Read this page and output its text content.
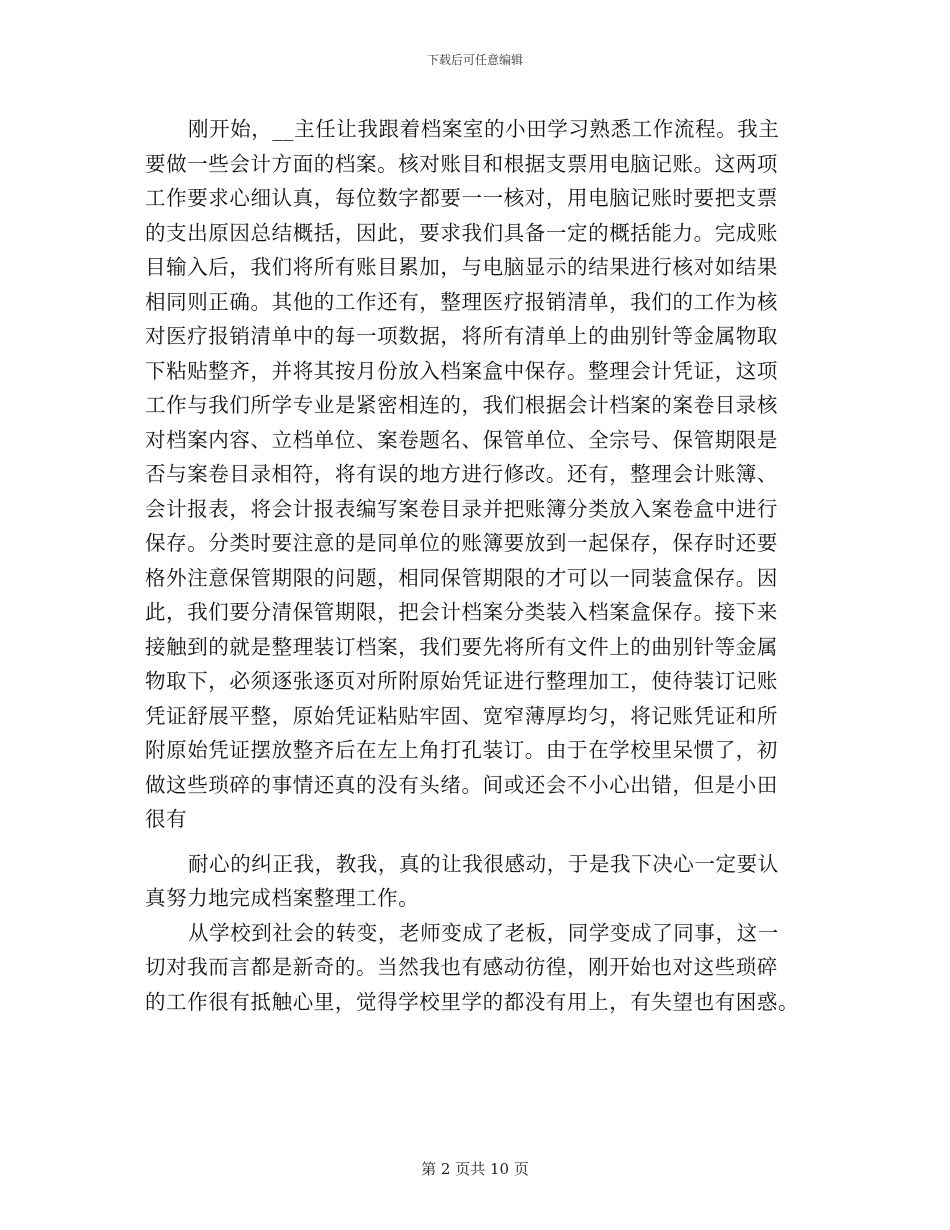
下载后可任意编辑
刚开始，__主任让我跟着档案室的小田学习熟悉工作流程。我主
要做一些会计方面的档案。核对账目和根据支票用电脑记账。这两项
工作要求心细认真，每位数字都要一一核对，用电脑记账时要把支票
的支出原因总结概括，因此，要求我们具备一定的概括能力。完成账
目输入后，我们将所有账目累加，与电脑显示的结果进行核对如结果
相同则正确。其他的工作还有，整理医疗报销清单，我们的工作为核
对医疗报销清单中的每一项数据，将所有清单上的曲别针等金属物取
下粘贴整齐，并将其按月份放入档案盒中保存。整理会计凭证，这项
工作与我们所学专业是紧密相连的，我们根据会计档案的案卷目录核
对档案内容、立档单位、案卷题名、保管单位、全宗号、保管期限是
否与案卷目录相符，将有误的地方进行修改。还有，整理会计账簿、
会计报表，将会计报表编写案卷目录并把账簿分类放入案卷盒中进行
保存。分类时要注意的是同单位的账簿要放到一起保存，保存时还要
格外注意保管期限的问题，相同保管期限的才可以一同装盒保存。因
此，我们要分清保管期限，把会计档案分类装入档案盒保存。接下来
接触到的就是整理装订档案，我们要先将所有文件上的曲别针等金属
物取下，必须逐张逐页对所附原始凭证进行整理加工，使待装订记账
凭证舒展平整，原始凭证粘贴牢固、宽窄薄厚均匀，将记账凭证和所
附原始凭证摆放整齐后在左上角打孔装订。由于在学校里呆惯了，初
做这些琐碎的事情还真的没有头绪。间或还会不小心出错，但是小田
很有
耐心的纠正我，教我，真的让我很感动，于是我下决心一定要认
真努力地完成档案整理工作。
从学校到社会的转变，老师变成了老板，同学变成了同事，这一
切对我而言都是新奇的。当然我也有感动彷徨，刚开始也对这些琐碎
的工作很有抵触心里，觉得学校里学的都没有用上，有失望也有困惑。
第 2 页共 10 页
